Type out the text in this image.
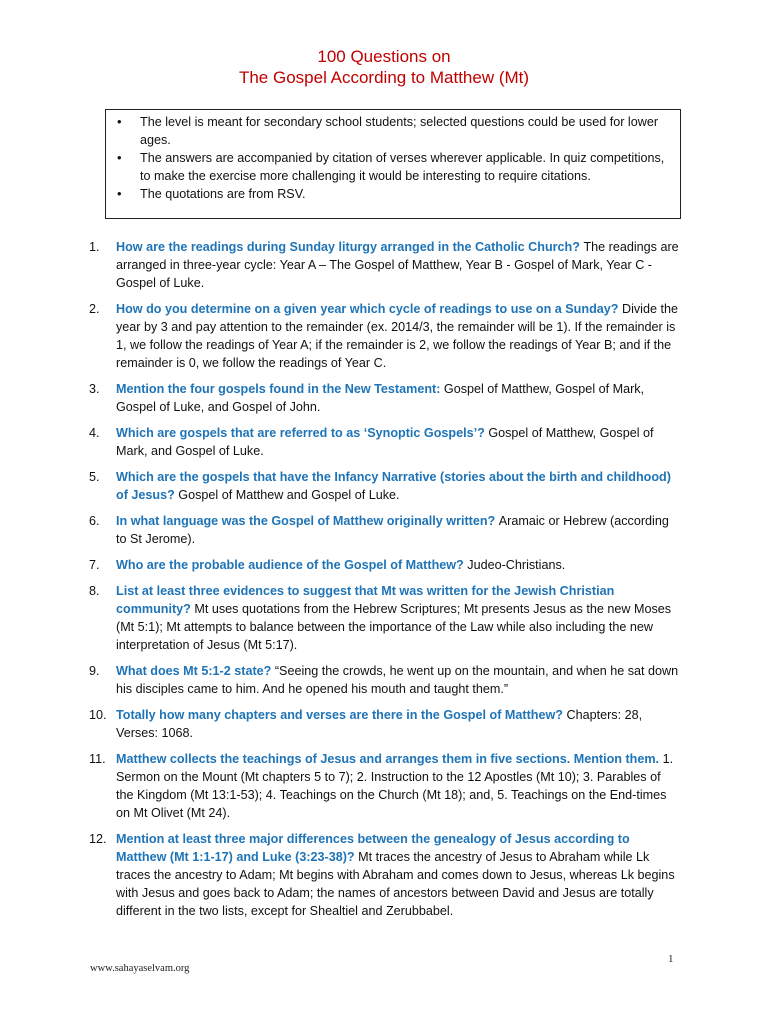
100 Questions on
The Gospel According to Matthew (Mt)
• The level is meant for secondary school students; selected questions could be used for lower ages.
• The answers are accompanied by citation of verses wherever applicable. In quiz competitions, to make the exercise more challenging it would be interesting to require citations.
• The quotations are from RSV.
1.	How are the readings during Sunday liturgy arranged in the Catholic Church? The readings are arranged in three-year cycle: Year A – The Gospel of Matthew, Year B - Gospel of Mark, Year C - Gospel of Luke.
2.	How do you determine on a given year which cycle of readings to use on a Sunday? Divide the year by 3 and pay attention to the remainder (ex. 2014/3, the remainder will be 1). If the remainder is 1, we follow the readings of Year A; if the remainder is 2, we follow the readings of Year B; and if the remainder is 0, we follow the readings of Year C.
3.	Mention the four gospels found in the New Testament: Gospel of Matthew, Gospel of Mark, Gospel of Luke, and Gospel of John.
4.	Which are gospels that are referred to as ‘Synoptic Gospels’? Gospel of Matthew, Gospel of Mark, and Gospel of Luke.
5.	Which are the gospels that have the Infancy Narrative (stories about the birth and childhood) of Jesus? Gospel of Matthew and Gospel of Luke.
6.	In what language was the Gospel of Matthew originally written? Aramaic or Hebrew (according to St Jerome).
7.	Who are the probable audience of the Gospel of Matthew? Judeo-Christians.
8.	List at least three evidences to suggest that Mt was written for the Jewish Christian community? Mt uses quotations from the Hebrew Scriptures; Mt presents Jesus as the new Moses (Mt 5:1); Mt attempts to balance between the importance of the Law while also including the new interpretation of Jesus (Mt 5:17).
9.	What does Mt 5:1-2 state? “Seeing the crowds, he went up on the mountain, and when he sat down his disciples came to him. And he opened his mouth and taught them.”
10. Totally how many chapters and verses are there in the Gospel of Matthew? Chapters: 28, Verses: 1068.
11. Matthew collects the teachings of Jesus and arranges them in five sections. Mention them. 1. Sermon on the Mount (Mt chapters 5 to 7); 2. Instruction to the 12 Apostles (Mt 10); 3. Parables of the Kingdom (Mt 13:1-53); 4. Teachings on the Church (Mt 18); and, 5. Teachings on the End-times on Mt Olivet (Mt 24).
12. Mention at least three major differences between the genealogy of Jesus according to Matthew (Mt 1:1-17) and Luke (3:23-38)? Mt traces the ancestry of Jesus to Abraham while Lk traces the ancestry to Adam; Mt begins with Abraham and comes down to Jesus, whereas Lk begins with Jesus and goes back to Adam; the names of ancestors between David and Jesus are totally different in the two lists, except for Shealtiel and Zerubbabel.
www.sahayaselvam.org
1
